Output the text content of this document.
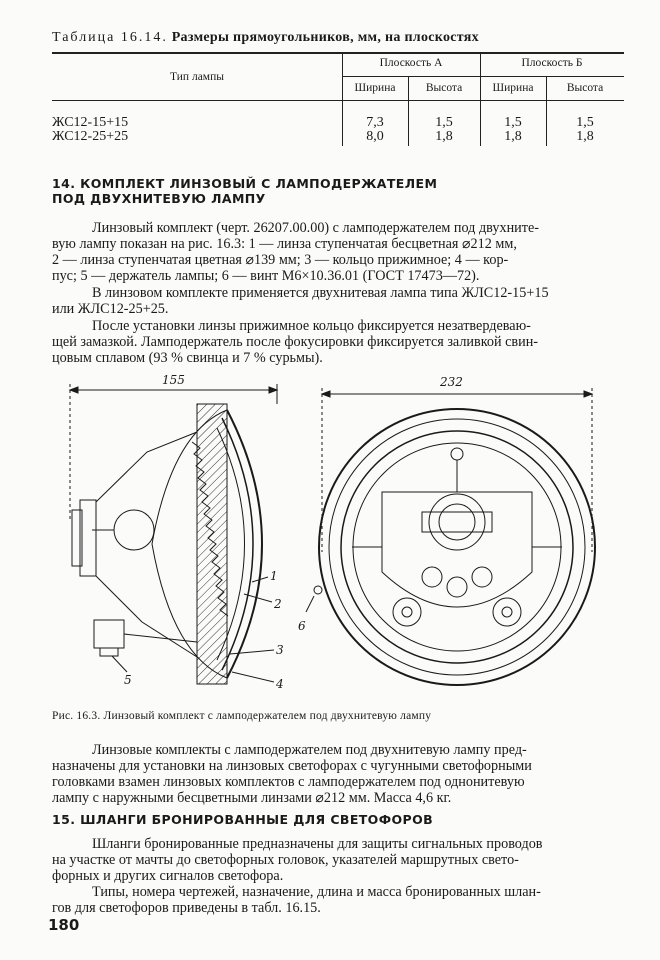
Таблица 16.14. Размеры прямоугольников, мм, на плоскостях
Тип лампы
Плоскость А	Плоскость Б
Ширина	Высота	Ширина	Высота
ЖС12-15+15	7,3	1,5	1,5	1,5
ЖС12-25+25	8,0	1,8	1,8	1,8
14. КОМПЛЕКТ ЛИНЗОВЫЙ С ЛАМПОДЕРЖАТЕЛЕМ
ПОД ДВУХНИТЕВУЮ ЛАМПУ
Линзовый комплект (черт. 26207.00.00) с ламподержателем под двухните-
вую лампу показан на рис. 16.3: 1 — линза ступенчатая бесцветная ⌀212 мм,
2 — линза ступенчатая цветная ⌀139 мм; 3 — кольцо прижимное; 4 — кор-
пус; 5 — держатель лампы; 6 — винт М6×10.36.01 (ГОСТ 17473—72).
В линзовом комплекте применяется двухнитевая лампа типа ЖЛС12-15+15
или ЖЛС12-25+25.
После установки линзы прижимное кольцо фиксируется незатвердеваю-
щей замазкой. Ламподержатель после фокусировки фиксируется заливкой свин-
цовым сплавом (93 % свинца и 7 % сурьмы).
155	232
1
2
3
4
5
6
Рис. 16.3. Линзовый комплект с ламподержателем под двухнитевую лампу
Линзовые комплекты с ламподержателем под двухнитевую лампу пред-
назначены для установки на линзовых светофорах с чугунными светофорными
головками взамен линзовых комплектов с ламподержателем под однонитевую
лампу с наружными бесцветными линзами ⌀212 мм. Масса 4,6 кг.
15. ШЛАНГИ БРОНИРОВАННЫЕ ДЛЯ СВЕТОФОРОВ
Шланги бронированные предназначены для защиты сигнальных проводов
на участке от мачты до светофорных головок, указателей маршрутных свето-
форных и других сигналов светофора.
Типы, номера чертежей, назначение, длина и масса бронированных шлан-
гов для светофоров приведены в табл. 16.15.
180
